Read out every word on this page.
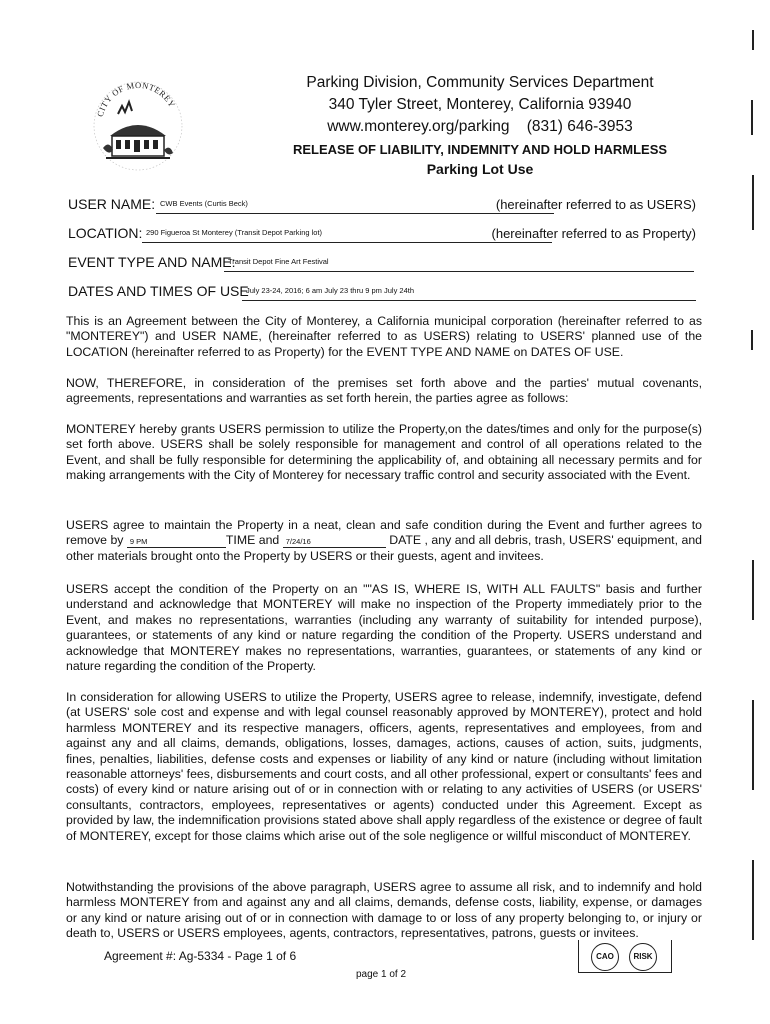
CITY OF MONTEREY
Parking Division, Community Services Department
340 Tyler Street, Monterey, California 93940
www.monterey.org/parking    (831) 646-3953
RELEASE OF LIABILITY, INDEMNITY AND HOLD HARMLESS
Parking Lot Use
USER NAME: CWB Events (Curtis Beck)	(hereinafter referred to as USERS)
LOCATION: 290 Figueroa St Monterey (Transit Depot Parking lot)	(hereinafter referred to as Property)
EVENT TYPE AND NAME:
Transit Depot Fine Art Festival
DATES AND TIMES OF USE
July 23-24, 2016; 6 am July 23 thru 9 pm July 24th
This is an Agreement between the City of Monterey, a California municipal corporation (hereinafter referred to as "MONTEREY") and USER NAME, (hereinafter referred to as USERS) relating to USERS' planned use of the LOCATION (hereinafter referred to as Property) for the EVENT TYPE AND NAME on DATES OF USE.
NOW, THEREFORE, in consideration of the premises set forth above and the parties' mutual covenants, agreements, representations and warranties as set forth herein, the parties agree as follows:
MONTEREY hereby grants USERS permission to utilize the Property,on the dates/times and only for the purpose(s) set forth above. USERS shall be solely responsible for management and control of all operations related to the Event, and shall be fully responsible for determining the applicability of, and obtaining all necessary permits and for making arrangements with the City of Monterey for necessary traffic control and security associated with the Event.
USERS agree to maintain the Property in a neat, clean and safe condition during the Event and further agrees to remove by 9 PM	TIME and 7/24/16	DATE , any and all debris, trash, USERS' equipment, and other materials brought onto the Property by USERS or their guests, agent and invitees.
USERS accept the condition of the Property on an ""AS IS, WHERE IS, WITH ALL FAULTS" basis and further understand and acknowledge that MONTEREY will make no inspection of the Property immediately prior to the Event, and makes no representations, warranties (including any warranty of suitability for intended purpose), guarantees, or statements of any kind or nature regarding the condition of the Property. USERS understand and acknowledge that MONTEREY makes no representations, warranties, guarantees, or statements of any kind or nature regarding the condition of the Property.
In consideration for allowing USERS to utilize the Property, USERS agree to release, indemnify, investigate, defend (at USERS' sole cost and expense and with legal counsel reasonably approved by MONTEREY), protect and hold harmless MONTEREY and its respective managers, officers, agents, representatives and employees, from and against any and all claims, demands, obligations, losses, damages, actions, causes of action, suits, judgments, fines, penalties, liabilities, defense costs and expenses or liability of any kind or nature (including without limitation reasonable attorneys' fees, disbursements and court costs, and all other professional, expert or consultants' fees and costs) of every kind or nature arising out of or in connection with or relating to any activities of USERS (or USERS' consultants, contractors, employees, representatives or agents) conducted under this Agreement. Except as provided by law, the indemnification provisions stated above shall apply regardless of the existence or degree of fault of MONTEREY, except for those claims which arise out of the sole negligence or willful misconduct of MONTEREY.
Notwithstanding the provisions of the above paragraph, USERS agree to assume all risk, and to indemnify and hold harmless MONTEREY from and against any and all claims, demands, defense costs, liability, expense, or damages or any kind or nature arising out of or in connection with damage to or loss of any property belonging to, or injury or death to, USERS or USERS employees, agents, contractors, representatives, patrons, guests or invitees.
Agreement #: Ag-5334 - Page 1 of 6
page 1 of 2
CAO	RISK
